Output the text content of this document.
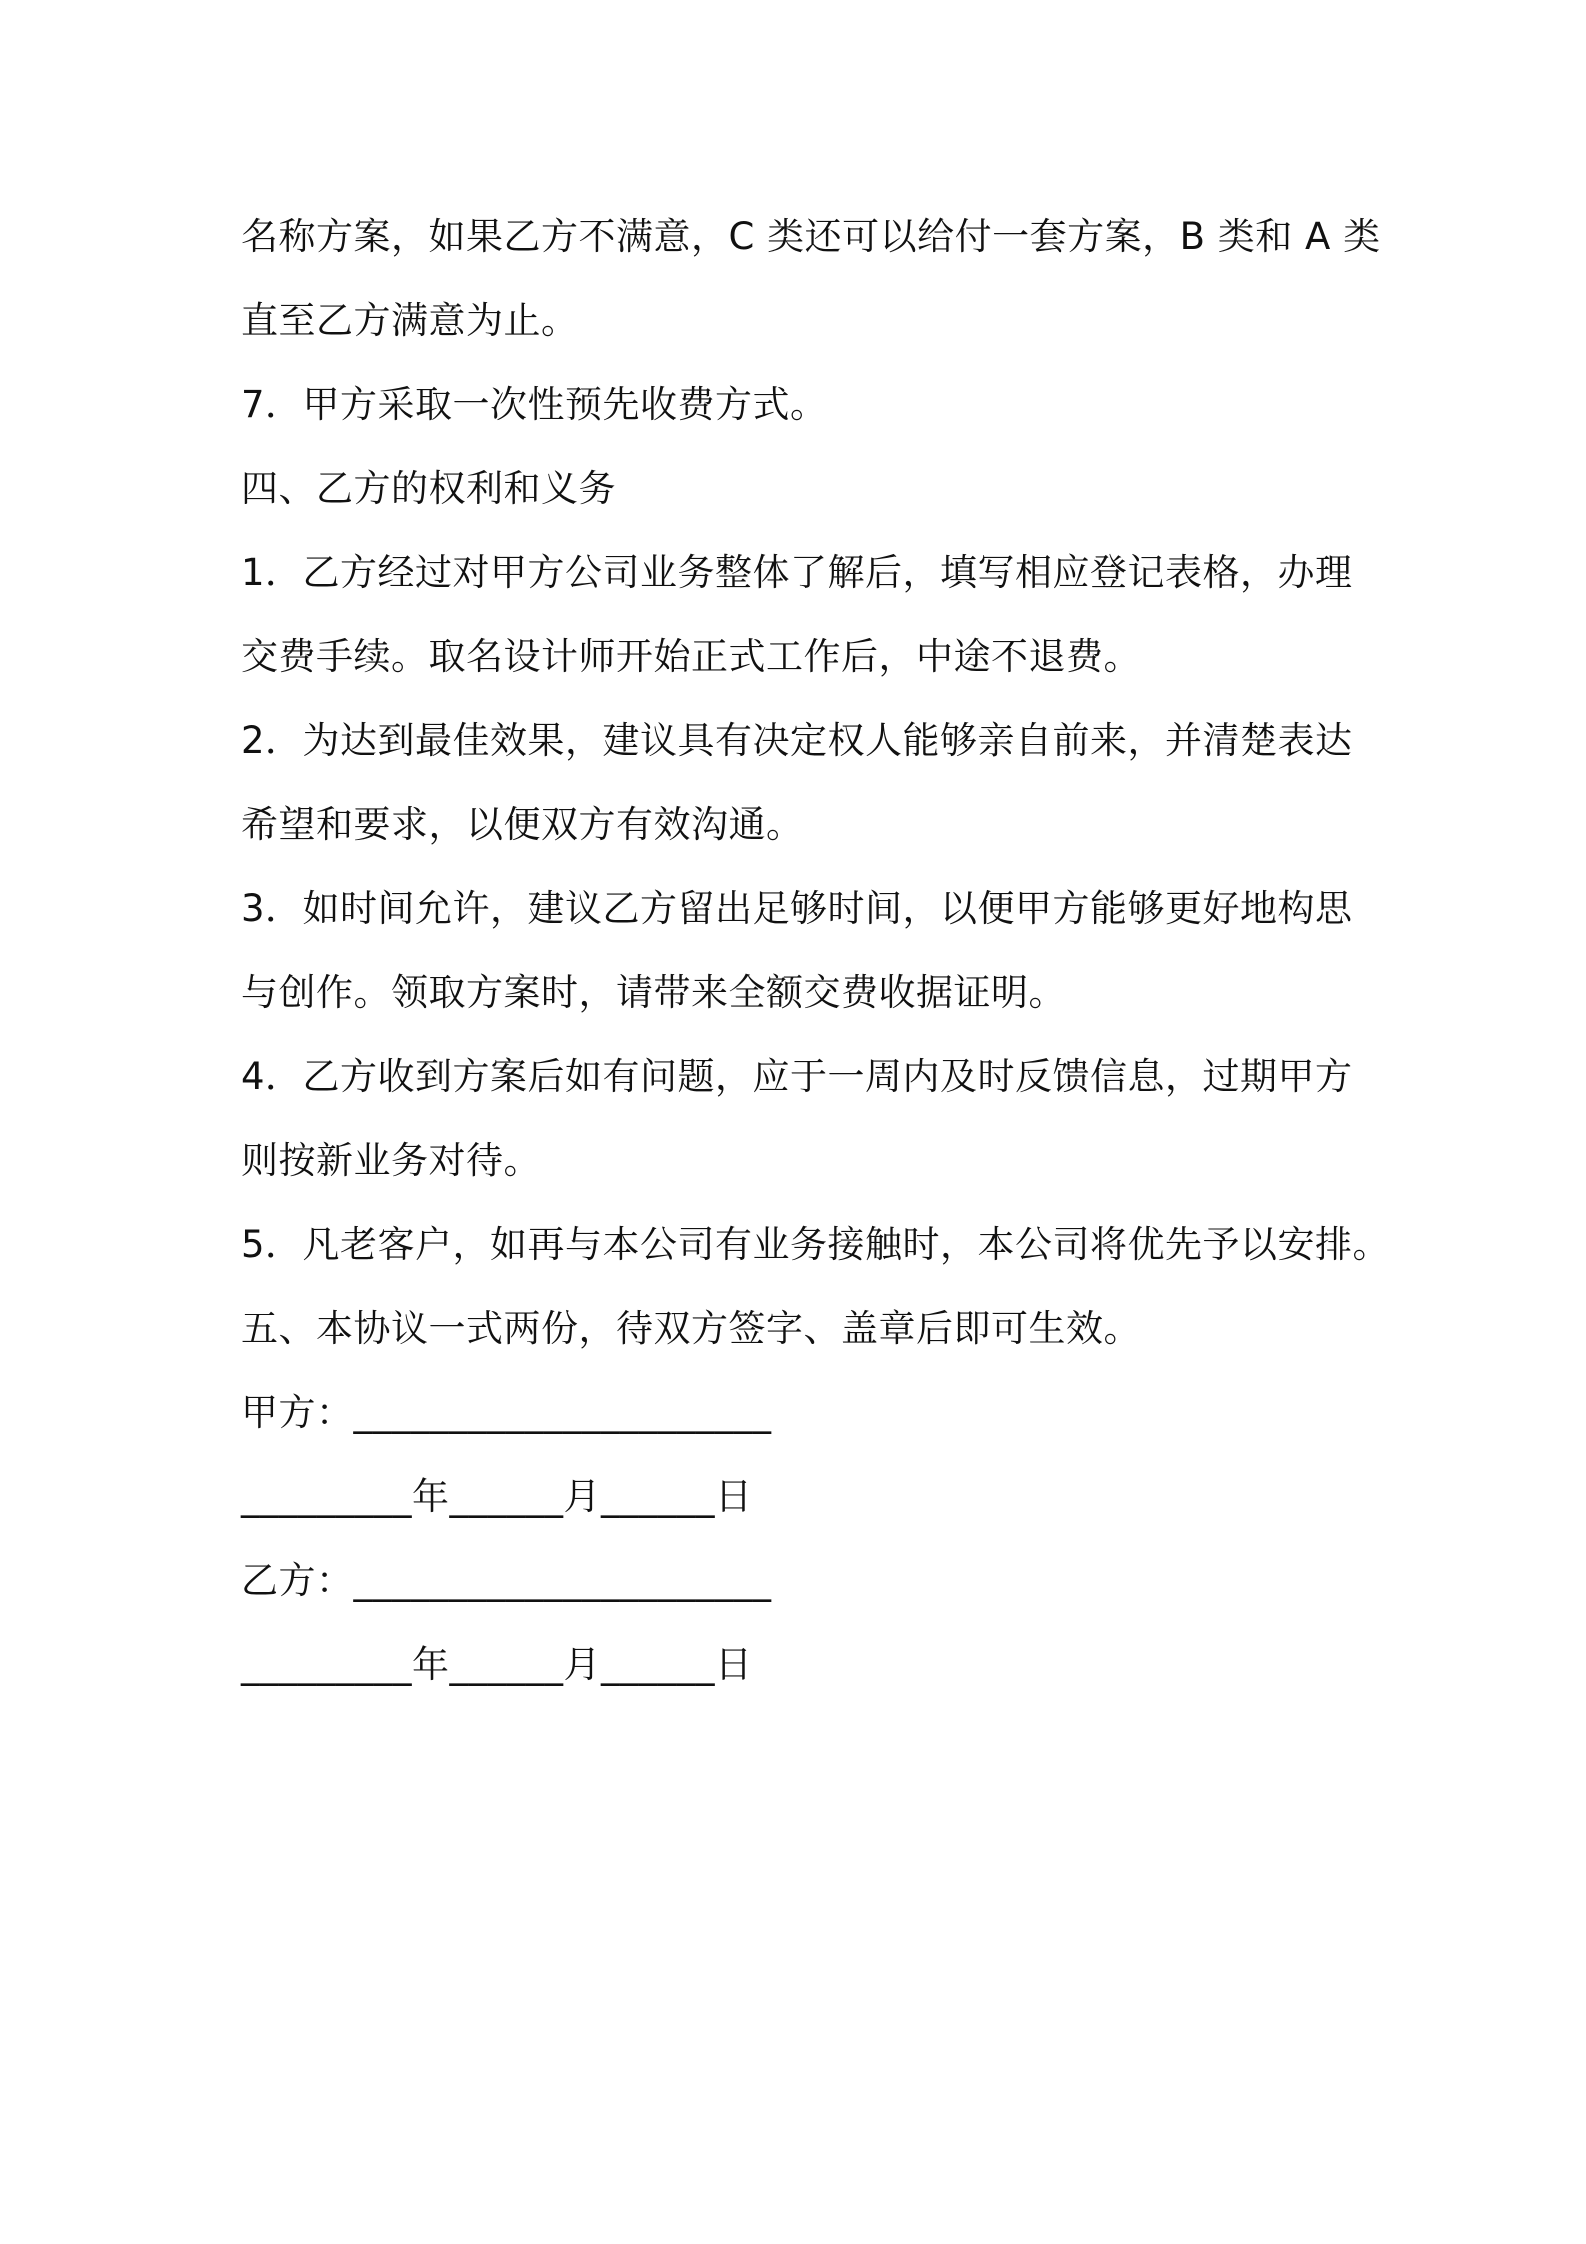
名称方案，如果乙方不满意，C 类还可以给付一套方案，B 类和 A 类
直至乙方满意为止。
7．甲方采取一次性预先收费方式。
四、乙方的权利和义务
1．乙方经过对甲方公司业务整体了解后，填写相应登记表格，办理
交费手续。取名设计师开始正式工作后，中途不退费。
2．为达到最佳效果，建议具有决定权人能够亲自前来，并清楚表达
希望和要求，以便双方有效沟通。
3．如时间允许，建议乙方留出足够时间，以便甲方能够更好地构思
与创作。领取方案时，请带来全额交费收据证明。
4．乙方收到方案后如有问题，应于一周内及时反馈信息，过期甲方
则按新业务对待。
5．凡老客户，如再与本公司有业务接触时，本公司将优先予以安排。
五、本协议一式两份，待双方签字、盖章后即可生效。
甲方：______________________
_________年______月______日
乙方：______________________
_________年______月______日
